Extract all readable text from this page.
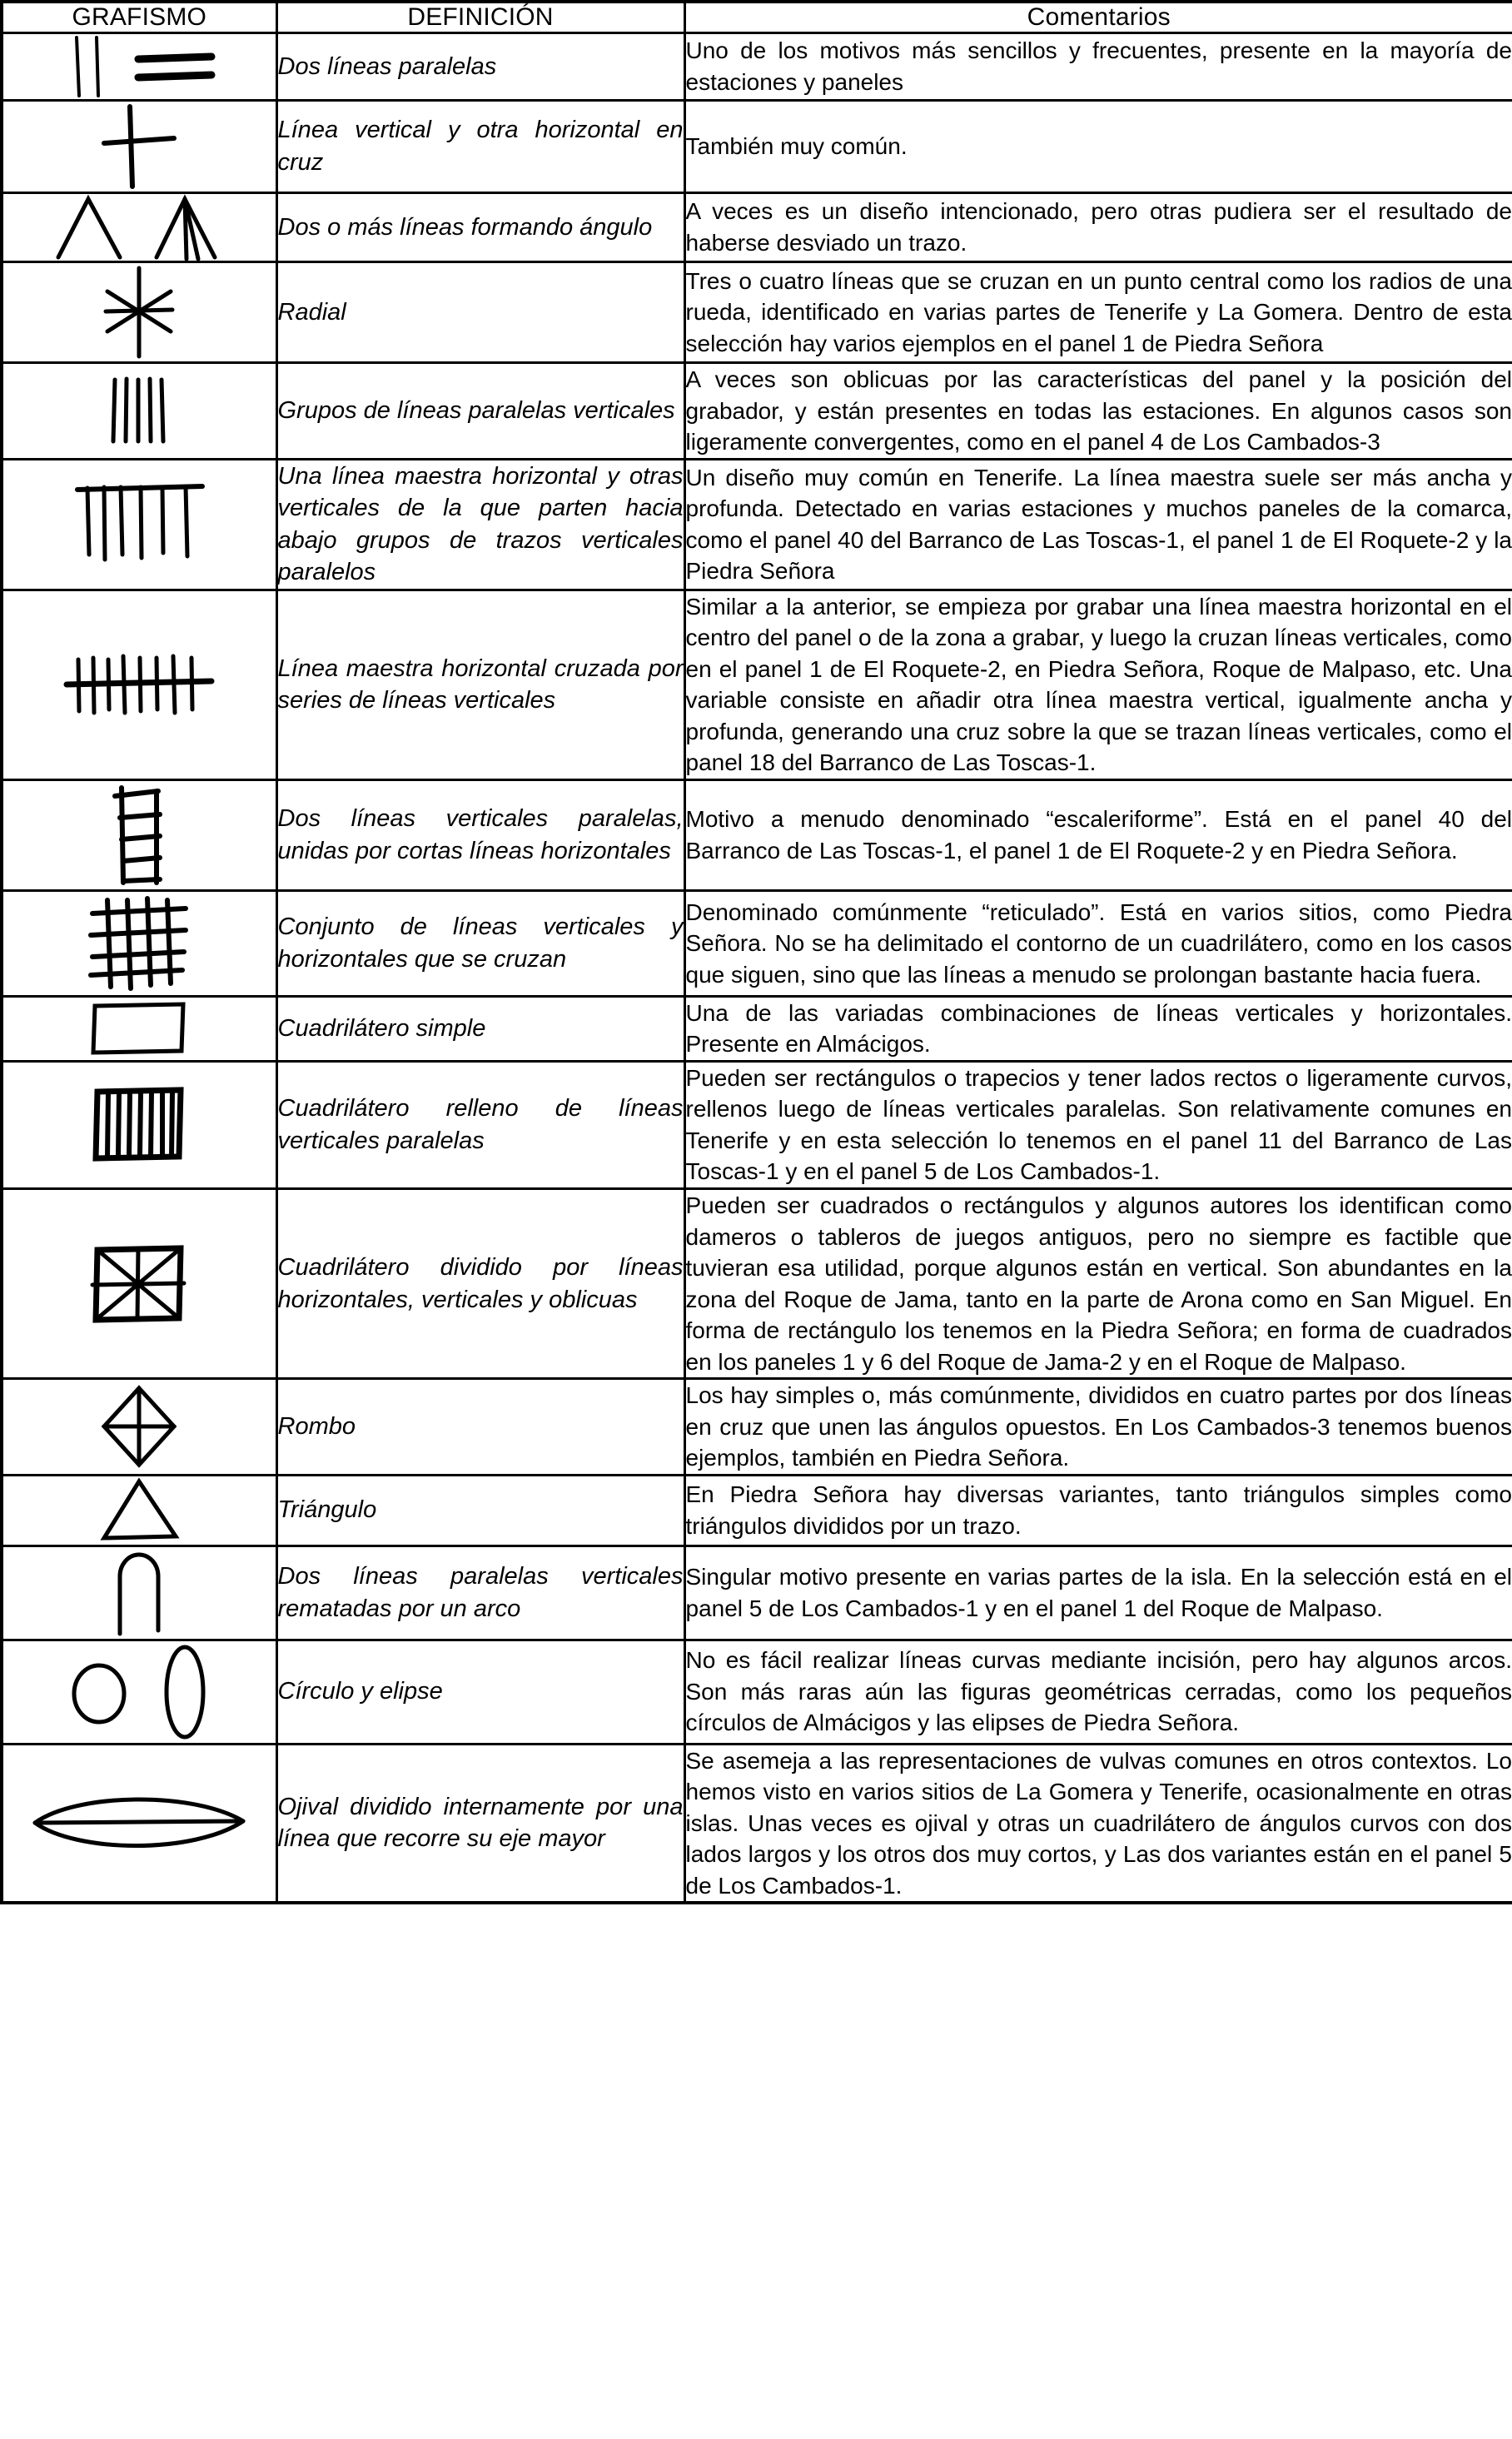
GRAFISMO	DEFINICIÓN	Comentarios

	Dos líneas paralelas	Uno de los motivos más sencillos y frecuentes, presente en la mayoría de estaciones y paneles

	Línea vertical y otra horizontal en cruz	También muy común.

	Dos o más líneas formando ángulo	A veces es un diseño intencionado, pero otras pudiera ser el resultado de haberse desviado un trazo.

	Radial	Tres o cuatro líneas que se cruzan en un punto central como los radios de una rueda, identificado en varias partes de Tenerife y La Gomera. Dentro de esta selección hay varios ejemplos en el panel 1 de Piedra Señora

	Grupos de líneas paralelas verticales	A veces son oblicuas por las características del panel y la posición del grabador, y están presentes en todas las estaciones. En algunos casos son ligeramente convergentes, como en el panel 4 de Los Cambados-3

	Una línea maestra horizontal y otras verticales de la que parten hacia abajo grupos de trazos verticales paralelos	Un diseño muy común en Tenerife. La línea maestra suele ser más ancha y profunda. Detectado en varias estaciones y muchos paneles de la comarca, como el panel 40 del Barranco de Las Toscas-1, el panel 1 de El Roquete-2 y la Piedra Señora

	Línea maestra horizontal cruzada por series de líneas verticales	Similar a la anterior, se empieza por grabar una línea maestra horizontal en el centro del panel o de la zona a grabar, y luego la cruzan líneas verticales, como en el panel 1 de El Roquete-2, en Piedra Señora, Roque de Malpaso, etc. Una variable consiste en añadir otra línea maestra vertical, igualmente ancha y profunda, generando una cruz sobre la que se trazan líneas verticales, como el panel 18 del Barranco de Las Toscas-1.

	Dos líneas verticales paralelas, unidas por cortas líneas horizontales	Motivo a menudo denominado “escaleriforme”. Está en el panel 40 del Barranco de Las Toscas-1, el panel 1 de El Roquete-2 y en Piedra Señora.

	Conjunto de líneas verticales y horizontales que se cruzan	Denominado comúnmente “reticulado”. Está en varios sitios, como Piedra Señora. No se ha delimitado el contorno de un cuadrilátero, como en los casos que siguen, sino que las líneas a menudo se prolongan bastante hacia fuera.

	Cuadrilátero simple	Una de las variadas combinaciones de líneas verticales y horizontales. Presente en Almácigos.

	Cuadrilátero relleno de líneas verticales paralelas	Pueden ser rectángulos o trapecios y tener lados rectos o ligeramente curvos, rellenos luego de líneas verticales paralelas. Son relativamente comunes en Tenerife y en esta selección lo tenemos en el panel 11 del Barranco de Las Toscas-1 y en el panel 5 de Los Cambados-1.

	Cuadrilátero dividido por líneas horizontales, verticales y oblicuas	Pueden ser cuadrados o rectángulos y algunos autores los identifican como dameros o tableros de juegos antiguos, pero no siempre es factible que tuvieran esa utilidad, porque algunos están en vertical. Son abundantes en la zona del Roque de Jama, tanto en la parte de Arona como en San Miguel. En forma de rectángulo los tenemos en la Piedra Señora; en forma de cuadrados en los paneles 1 y 6 del Roque de Jama-2 y en el Roque de Malpaso.

	Rombo	Los hay simples o, más comúnmente, divididos en cuatro partes por dos líneas en cruz que unen las ángulos opuestos. En Los Cambados-3 tenemos buenos ejemplos, también en Piedra Señora.

	Triángulo	En Piedra Señora hay diversas variantes, tanto triángulos simples como triángulos divididos por un trazo.

	Dos líneas paralelas verticales rematadas por un arco	Singular motivo presente en varias partes de la isla. En la selección está en el panel 5 de Los Cambados-1 y en el panel 1 del Roque de Malpaso.

	Círculo y elipse	No es fácil realizar líneas curvas mediante incisión, pero hay algunos arcos. Son más raras aún las figuras geométricas cerradas, como los pequeños círculos de Almácigos y las elipses de Piedra Señora.

	Ojival dividido internamente por una línea que recorre su eje mayor	Se asemeja a las representaciones de vulvas comunes en otros contextos. Lo hemos visto en varios sitios de La Gomera y Tenerife, ocasionalmente en otras islas. Unas veces es ojival y otras un cuadrilátero de ángulos curvos con dos lados largos y los otros dos muy cortos, y Las dos variantes están en el panel 5 de Los Cambados-1.
